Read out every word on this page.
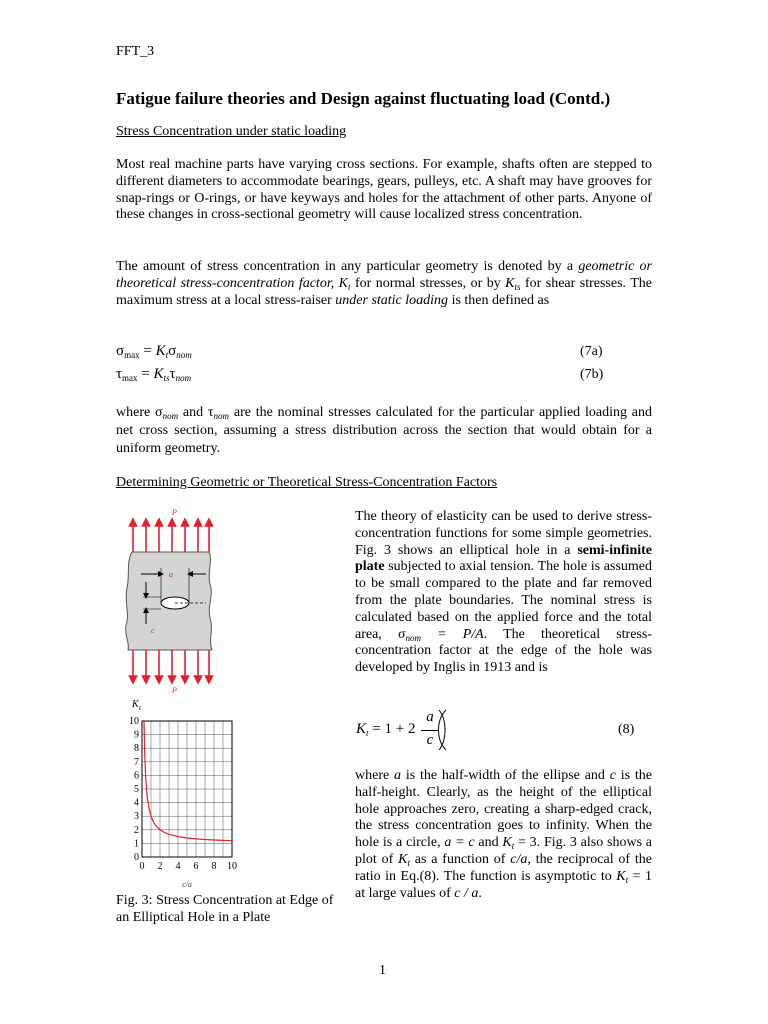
FFT_3
Fatigue failure theories and Design against fluctuating load (Contd.)
Stress Concentration under static loading
Most real machine parts have varying cross sections. For example, shafts often are stepped to different diameters to accommodate bearings, gears, pulleys, etc. A shaft may have grooves for snap-rings or O-rings, or have keyways and holes for the attachment of other parts. Anyone of these changes in cross-sectional geometry will cause localized stress concentration.
The amount of stress concentration in any particular geometry is denoted by a geometric or theoretical stress-concentration factor, $K_t$ for normal stresses, or by $K_{ts}$ for shear stresses. The maximum stress at a local stress-raiser under static loading is then defined as
$\sigma_{max} = K_t\sigma_{nom}$	(7a)
$\tau_{max} = K_{ts}\tau_{nom}$	(7b)
where $\sigma_{nom}$ and $\tau_{nom}$ are the nominal stresses calculated for the particular applied loading and net cross section, assuming a stress distribution across the section that would obtain for a uniform geometry.
Determining Geometric or Theoretical Stress-Concentration Factors
P
P
a
c
0
1
2
3
4
5
6
7
8
9
10
0 2 4 6 8 10
c/a
K t
Fig. 3: Stress Concentration at Edge of an Elliptical Hole in a Plate
The theory of elasticity can be used to derive stress-concentration functions for some simple geometries. Fig. 3 shows an elliptical hole in a semi-infinite plate subjected to axial tension. The hole is assumed to be small compared to the plate and far removed from the plate boundaries. The nominal stress is calculated based on the applied force and the total area, $\sigma_{nom} = P/A$. The theoretical stress-concentration factor at the edge of the hole was developed by Inglis in 1913 and is
$K_t = 1 + 2$
a
c
(8)
where a is the half-width of the ellipse and c is the half-height. Clearly, as the height of the elliptical hole approaches zero, creating a sharp-edged crack, the stress concentration goes to infinity. When the hole is a circle, a = c and $K_t = 3$. Fig. 3 also shows a plot of $K_t$ as a function of c/a, the reciprocal of the ratio in Eq.(8). The function is asymptotic to $K_t = 1$ at large values of c / a.
1
